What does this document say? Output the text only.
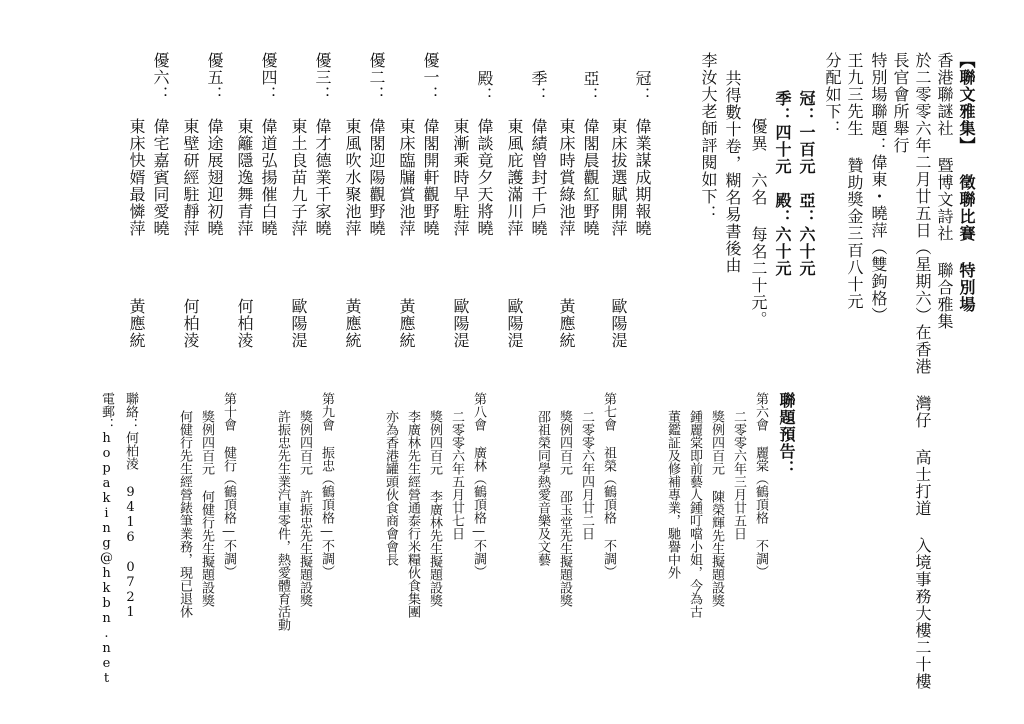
【聯文雅集】 徵聯比賽 特別場
香港聯謎社 暨博文詩社 聯合雅集
於二零零六年二月廿五日（星期六）在香港 灣仔 高士打道 入境事務大樓二十樓
長官會所舉行
特別場聯題：偉東・曉萍（雙鉤格）
王九三先生 贊助獎金三百八十元
分配如下：
冠：一百元　亞：六十元
季：四十元　殿：六十元
優異 六名 每名二十元。
共得數十卷，糊名易書後由
李汝大老師評閱如下：
冠：
偉業謀成期報曉
東床拔選賦開萍
歐陽湜
亞：
偉閣晨觀紅野曉
東床時賞綠池萍
黃應統
季：
偉績曾封千戶曉
東風庇護滿川萍
歐陽湜
殿：
偉談竟夕天將曉
東漸乘時早駐萍
歐陽湜
優一：
偉閣開軒觀野曉
東床臨牖賞池萍
黃應統
優二：
偉閣迎陽觀野曉
東風吹水聚池萍
黃應統
優三：
偉才德業千家曉
東土良苗九子萍
歐陽湜
優四：
偉道弘揚催白曉
東籬隱逸舞青萍
何柏淩
優五：
偉途展翅迎初曉
東壁研經駐靜萍
何柏淩
優六：
偉宅嘉賓同愛曉
東床快婿最憐萍
黃應統
聯題預告：
第六會 麗棠（鶴頂格 不調）
二零零六年三月廿五日
獎例四百元 陳榮輝先生擬題設獎
鍾麗棠即前藝人鍾叮噹小姐，今為古
董鑑証及修補專業，馳譽中外
第七會 祖榮（鶴頂格 不調）
二零零六年四月廿二日
獎例四百元 邵玉堂先生擬題設獎
邵祖榮同學熱愛音樂及文藝
第八會 廣林（鶴頂格—不調）
二零零六年五月廿七日
獎例四百元 李廣林先生擬題設獎
李廣林先生經營通泰行米糧伙食集團
亦為香港罐頭伙食商會會長
第九會 振忠（鶴頂格—不調）
獎例四百元 許振忠先生擬題設獎
許振忠先生業汽車零件，熱愛體育活動
第十會 健行（鶴頂格—不調）
獎例四百元 何健行先生擬題設獎
何健行先生經營錶筆業務，現已退休
聯絡：何柏淩 9416 0721
電郵：hopaking@hkbn.net
